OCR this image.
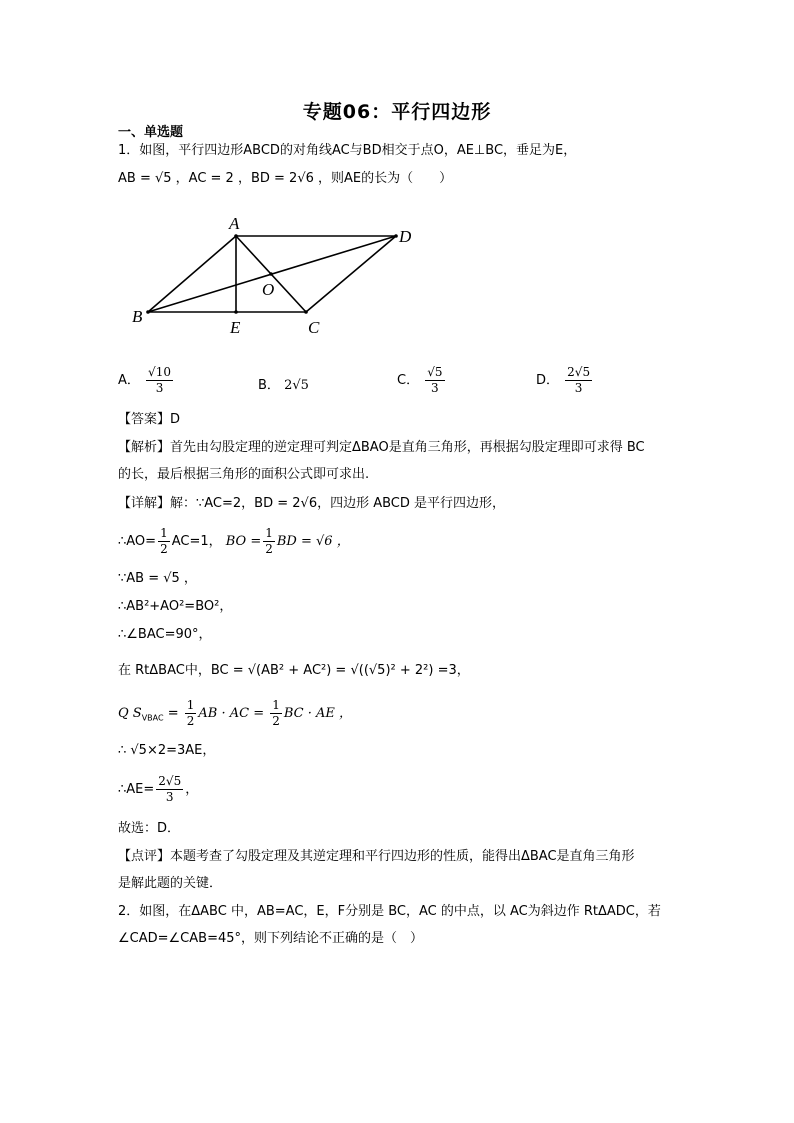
专题06：平行四边形
一、单选题
1．如图，平行四边形ABCD的对角线AC与BD相交于点O，AE⊥BC，垂足为E，
AB = √5 ，AC = 2 ，BD = 2√6 ，则AE的长为（　　）
A
D
C
B
E
O
A． $\frac{√10}{3}$	B． 2√5	C． $\frac{√5}{3}$	D． $\frac{2√5}{3}$
【答案】D
【解析】首先由勾股定理的逆定理可判定ΔBAO是直角三角形，再根据勾股定理即可求得 BC
的长，最后根据三角形的面积公式即可求出.
【详解】解：∵AC=2，BD = 2√6，四边形 ABCD 是平行四边形，
∴AO= $\frac{1}{2} AC=1$， BO = $\frac{1}{2}$ BD = √6 ，
∵AB = √5 ，
∴AB²+AO²=BO²，
∴∠BAC=90°，
在 RtΔBAC中，BC = √(AB² + AC²) = √((√5)² + 2²) =3，
Q $S_{VBAC} = \frac{1}{2}$ AB · AC = $\frac{1}{2}$ BC · AE ，
∴ √5×2=3AE，
∴AE= $\frac{2√5}{3}$ ，
故选：D．
【点评】本题考查了勾股定理及其逆定理和平行四边形的性质，能得出ΔBAC是直角三角形
是解此题的关键．
2．如图，在ΔABC 中，AB=AC，E，F分别是 BC，AC 的中点，以 AC为斜边作 RtΔADC，若
∠CAD=∠CAB=45°，则下列结论不正确的是（　）
